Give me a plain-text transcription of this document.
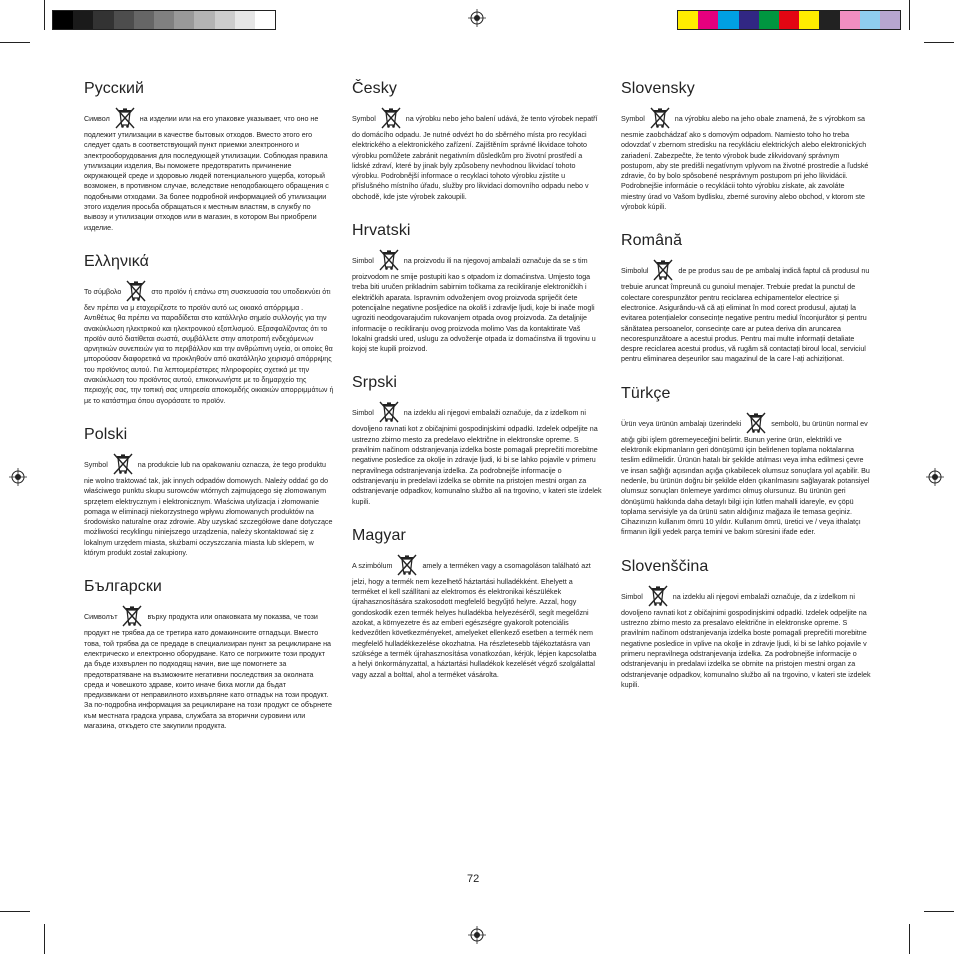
Русский

Символ	на изделии или на его упаковке указывает, что оно не подлежит утилизации в качестве бытовых отходов. Вместо этого его следует сдать в соответствующий пункт приемки электронного и электрооборудования для последующей утилизации. Соблюдая правила утилизации изделия, Вы поможете предотвратить причинение окружающей среде и здоровью людей потенциального ущерба, который возможен, в противном случае, вследствие неподобающего обращения с подобными отходами. За более подробной информацией об утилизации этого изделия просьба обращаться к местным властям, в службу по вывозу и утилизации отходов или в магазин, в котором Вы приобрели изделие.

Ελληνικά

Το σύμβολο	στο προϊόν ή επάνω στη συσκευασία του υποδεικνύει ότι δεν πρέπει να μ εταχειρίζεστε το προϊόν αυτό ως οικιακό απόρριμμα . Αντιθέτως θα πρέπει να παραδίδεται στο κατάλληλο σημείο συλλογής για την ανακύκλωση ηλεκτρικού και ηλεκτρονικού εξοπλισμού. Εξασφαλίζοντας ότι το προϊόν αυτό διατίθεται σωστά, συμβάλλετε στην αποτροπή ενδεχόμενων αρνητικών συνεπειών για το περιβάλλον και την ανθρώπινη υγεία, οι οποίες θα μπορούσαν διαφορετικά να προκληθούν από ακατάλληλο χειρισμό απόρριψης του προϊόντος αυτού. Για λεπτομερέστερες πληροφορίες σχετικά με την ανακύκλωση του προϊόντος αυτού, επικοινωνήστε με το δημαρχείο της περιοχής σας, την τοπική σας υπηρεσία αποκομιδής οικιακών απορριμμάτων ή με το κατάστημα όπου αγοράσατε το προϊόν.

Polski

Symbol	na produkcie lub na opakowaniu oznacza, że tego produktu nie wolno traktować tak, jak innych odpadów domowych. Należy oddać go do właściwego punktu skupu surowców wtórnych zajmującego się złomowanym sprzętem elektrycznym i elektronicznym. Właściwa utylizacja i złomowanie pomaga w eliminacji niekorzystnego wpływu złomowanych produktów na środowisko naturalne oraz zdrowie. Aby uzyskać szczegółowe dane dotyczące możliwości recyklingu niniejszego urządzenia, należy skontaktować się z lokalnym urzędem miasta, służbami oczyszczania miasta lub sklepem, w którym produkt został zakupiony.

Български

Символът	върху продукта или опаковката му показва, че този продукт не трябва да се третира като домакинските отпадъци. Вместо това, той трябва да се предаде в специализиран пункт за рециклиране на електрическо и електронно оборудване. Като се погрижите този продукт да бъде изхвърлен по подходящ начин, вие ще помогнете за предотвратяване на възможните негативни последствия за околната среда и човешкото здраве, които иначе биха могли да бъдат предизвикани от неправилното изхвърляне като отпадък на този продукт. За по-подробна информация за рециклиране на този продукт се обърнете към местната градска управа, службата за вторични суровини или магазина, откъдето сте закупили продукта.

Česky

Symbol	na výrobku nebo jeho balení udává, že tento výrobek nepatří do domácího odpadu. Je nutné odvézt ho do sběrného místa pro recyklaci elektrického a elektronického zařízení. Zajištěním správné likvidace tohoto výrobku pomůžete zabránit negativním důsledkům pro životní prostředí a lidské zdraví, které by jinak byly způsobeny nevhodnou likvidací tohoto výrobku. Podrobnější informace o recyklaci tohoto výrobku zjistíte u příslušného místního úřadu, služby pro likvidaci domovního odpadu nebo v obchodě, kde jste výrobek zakoupili.

Hrvatski

Simbol	na proizvodu ili na njegovoj ambalaži označuje da se s tim proizvodom ne smije postupiti kao s otpadom iz domaćinstva. Umjesto toga treba biti uručen prikladnim sabirnim točkama za recikliranje elektroničkih i električkih aparata. Ispravnim odvoženjem ovog proizvoda spriječit ćete potencijalne negativne posljedice na okoliš i zdravlje ljudi, koje bi inače mogli ugroziti neodgovarajućim rukovanjem otpada ovog proizvoda. Za detaljnije informacije o recikliranju ovog proizvoda molimo Vas da kontaktirate Vaš lokalni gradski ured, uslugu za odvoženje otpada iz domaćinstva ili trgovinu u kojoj ste kupili proizvod.

Srpski

Simbol	na izdeklu ali njegovi embalaži označuje, da z izdelkom ni dovoljeno ravnati kot z običajnimi gospodinjskimi odpadki. Izdelek odpeljite na ustrezno zbirno mesto za predelavo električne in elektronske opreme. S pravilnim načinom odstranjevanja izdelka boste pomagali preprečiti morebitne negativne posledice za okolje in zdravje ljudi, ki bi se lahko pojavile v primeru nepravilnega odstranjevanja izdelka. Za podrobnejše informacije o odstranjevanju in predelavi izdelka se obrnite na pristojen mestni organ za odstranjevanje odpadkov, komunalno službo ali na trgovino, v kateri ste izdelek kupili.

Magyar

A szimbólum	amely a terméken vagy a csomagoláson található azt jelzi, hogy a termék nem kezelhető háztartási hulladékként. Ehelyett a terméket el kell szállítani az elektromos és elektronikai készülékek újrahasznosítására szakosodott megfelelő begyűjtő helyre. Azzal, hogy gondoskodik ezen termék helyes hulladékba helyezéséről, segít megelőzni azokat, a környezetre és az emberi egészségre gyakorolt potenciális kedvezőtlen következményeket, amelyeket ellenkező esetben a termék nem megfelelő hulladékkezelése okozhatna. Ha részletesebb tájékoztatásra van szüksége a termék újrahasznosítása vonatkozóan, kérjük, lépjen kapcsolatba a helyi önkormányzattal, a háztartási hulladékok kezelését végző szolgálattal vagy azzal a bolttal, ahol a terméket vásárolta.

Slovensky

Symbol	na výrobku alebo na jeho obale znamená, že s výrobkom sa nesmie zaobchádzať ako s domovým odpadom. Namiesto toho ho treba odovzdať v zbernom stredisku na recykláciu elektrických alebo elektronických zariadení. Zabezpečte, že tento výrobok bude zlikvidovaný správnym postupom, aby ste predišli negatívnym vplyvom na životné prostredie a ľudské zdravie, čo by bolo spôsobené nesprávnym postupom pri jeho likvidácii. Podrobnejšie informácie o recyklácii tohto výrobku získate, ak zavoláte miestny úrad vo Vašom bydlisku, zberné suroviny alebo obchod, v ktorom ste výrobok kúpili.

Română

Simbolul	de pe produs sau de pe ambalaj indică faptul că produsul nu trebuie aruncat împreună cu gunoiul menajer. Trebuie predat la punctul de colectare corespunzător pentru reciclarea echipamentelor electrice și electronice. Asigurându-vă că ați eliminat în mod corect produsul, ajutați la evitarea potențialelor consecințe negative pentru mediul înconjurător și pentru sănătatea persoanelor, consecințe care ar putea deriva din aruncarea necorespunzătoare a acestui produs. Pentru mai multe informații detaliate despre reciclarea acestui produs, vă rugăm să contactați biroul local, serviciul pentru eliminarea deșeurilor sau magazinul de la care l-ați achiziționat.

Türkçe

Ürün veya ürünün ambalajı üzerindeki	sembolü, bu ürünün normal ev atığı gibi işlem göremeyeceğini belirtir. Bunun yerine ürün, elektrikli ve elektronik ekipmanların geri dönüşümü için belirlenen toplama noktalarına teslim edilmelidir. Ürünün hatalı bir şekilde atılması veya imha edilmesi çevre ve insan sağlığı açısından açığa çıkabilecek olumsuz sonuçlara yol açabilir. Bu nedenle, bu ürünün doğru bir şekilde elden çıkarılmasını sağlayarak potansiyel olumsuz sonuçları önlemeye yardımcı olmuş olursunuz. Bu ürünün geri dönüşümü hakkında daha detaylı bilgi için lütfen mahalli idareyle, ev çöpü toplama servisiyle ya da ürünü satın aldığınız mağaza ile temasa geçiniz. Cihazınızın kullanım ömrü 10 yıldır. Kullanım ömrü, üretici ve / veya ithalatçı firmanın ilgili yedek parça temini ve bakım süresini ifade eder.

Slovenščina

Simbol	na izdeklu ali njegovi embalaži označuje, da z izdelkom ni dovoljeno ravnati kot z običajnimi gospodinjskimi odpadki. Izdelek odpeljite na ustrezno zbirno mesto za presalavo električne in elektronske opreme. S pravilnim načinom odstranjevanja izdelka boste pomagali preprečiti morebitne negativne posledice in vplive na okolje in zdravje ljudi, ki bi se lahko pojavile v primeru nepravilnega odstranjevanja izdelka. Za podrobnejše informacije o odstranjevanju in predalavi izdelka se obrnite na pristojen mestni organ za odstranjevanje odpadkov, komunalno službo ali na trgovino, v kateri ste izdelek kupili.

72
